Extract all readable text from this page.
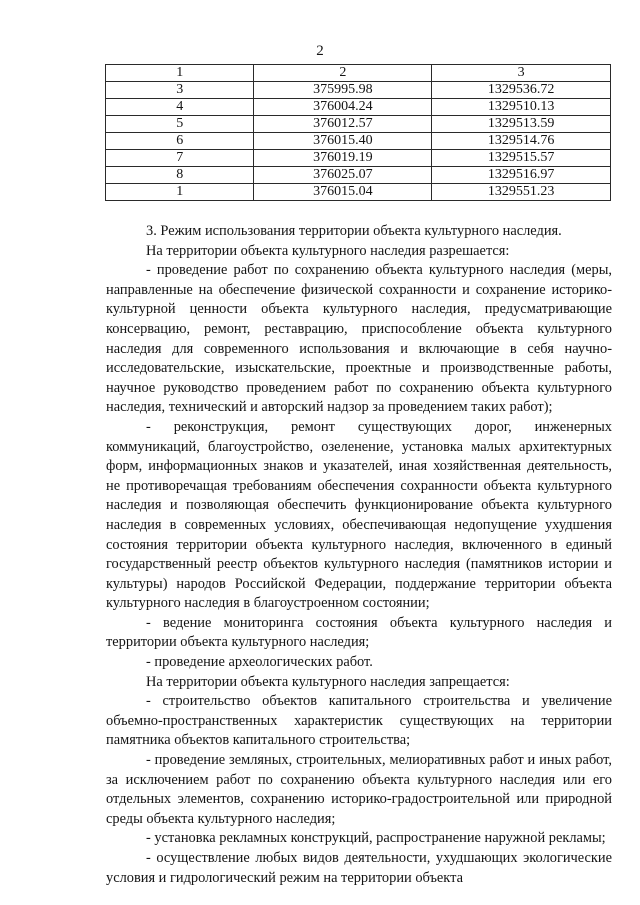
2
1	2	3
3	375995.98	1329536.72
4	376004.24	1329510.13
5	376012.57	1329513.59
6	376015.40	1329514.76
7	376019.19	1329515.57
8	376025.07	1329516.97
1	376015.04	1329551.23

3. Режим использования территории объекта культурного наследия.

На территории объекта культурного наследия разрешается:

- проведение работ по сохранению объекта культурного наследия (меры, направленные на обеспечение физической сохранности и сохранение историко-культурной ценности объекта культурного наследия, предусматривающие консервацию, ремонт, реставрацию, приспособление объекта культурного наследия для современного использования и включающие в себя научно-исследовательские, изыскательские, проектные и производственные работы, научное руководство проведением работ по сохранению объекта культурного наследия, технический и авторский надзор за проведением таких работ);

- реконструкция, ремонт существующих дорог, инженерных коммуникаций, благоустройство, озеленение, установка малых архитектурных форм, информационных знаков и указателей, иная хозяйственная деятельность, не противоречащая требованиям обеспечения сохранности объекта культурного наследия и позволяющая обеспечить функционирование объекта культурного наследия в современных условиях, обеспечивающая недопущение ухудшения состояния территории объекта культурного наследия, включенного в единый государственный реестр объектов культурного наследия (памятников истории и культуры) народов Российской Федерации, поддержание территории объекта культурного наследия в благоустроенном состоянии;

- ведение мониторинга состояния объекта культурного наследия и территории объекта культурного наследия;

- проведение археологических работ.

На территории объекта культурного наследия запрещается:

- строительство объектов капитального строительства и увеличение объемно-пространственных характеристик существующих на территории памятника объектов капитального строительства;

- проведение земляных, строительных, мелиоративных работ и иных работ, за исключением работ по сохранению объекта культурного наследия или его отдельных элементов, сохранению историко-градостроительной или природной среды объекта культурного наследия;

- установка рекламных конструкций, распространение наружной рекламы;

- осуществление любых видов деятельности, ухудшающих экологические условия и гидрологический режим на территории объекта
